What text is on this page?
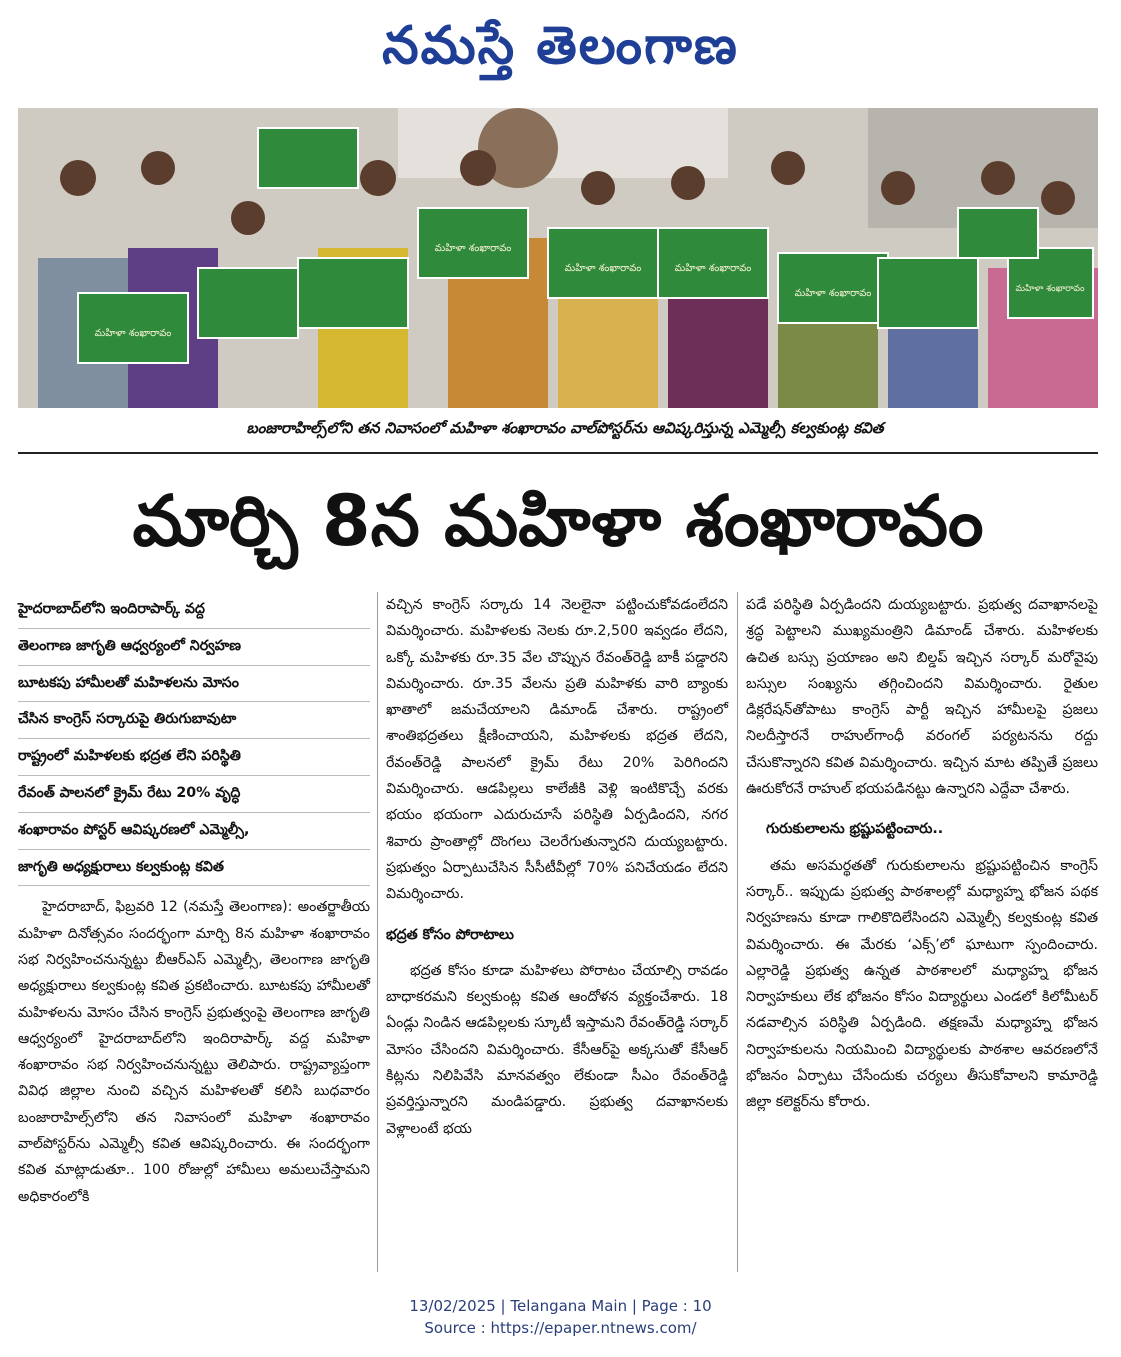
నమస్తే తెలంగాణ
మహిళా శంఖారావం
మహిళా శంఖారావం
మహిళా శంఖారావం	మహిళా శంఖారావం
మహిళా శంఖారావం	మహిళా శంఖారావం
బంజారాహిల్స్‌లోని తన నివాసంలో మహిళా శంఖారావం వాల్‌పోస్టర్‌ను ఆవిష్కరిస్తున్న ఎమ్మెల్సీ కల్వకుంట్ల కవిత
మార్చి 8న మహిళా శంఖారావం

హైదరాబాద్‌లోని ఇందిరాపార్క్ వద్ద

తెలంగాణ జాగృతి ఆధ్వర్యంలో నిర్వహణ

బూటకపు హామీలతో మహిళలను మోసం

చేసిన కాంగ్రెస్ సర్కారుపై తిరుగుబావుటా

రాష్ట్రంలో మహిళలకు భద్రత లేని పరిస్థితి

రేవంత్ పాలనలో క్రైమ్ రేటు 20% వృద్ధి

శంఖారావం పోస్టర్ ఆవిష్కరణలో ఎమ్మెల్సీ,

జాగృతి అధ్యక్షురాలు కల్వకుంట్ల కవిత

హైదరాబాద్, ఫిబ్రవరి 12 (నమస్తే తెలంగాణ): అంతర్జాతీయ మహిళా దినోత్సవం సందర్భంగా మార్చి 8న మహిళా శంఖారావం సభ నిర్వహించనున్నట్టు బీఆర్‌ఎస్ ఎమ్మెల్సీ, తెలంగాణ జాగృతి అధ్యక్షురాలు కల్వకుంట్ల కవిత ప్రకటించారు. బూటకపు హామీలతో మహిళలను మోసం చేసిన కాంగ్రెస్ ప్రభుత్వంపై తెలంగాణ జాగృతి ఆధ్వర్యంలో హైదరాబాద్‌లోని ఇందిరాపార్క్ వద్ద మహిళా శంఖారావం సభ నిర్వహించనున్నట్టు తెలిపారు. రాష్ట్రవ్యాప్తంగా వివిధ జిల్లాల నుంచి వచ్చిన మహిళలతో కలిసి బుధవారం బంజారాహిల్స్‌లోని తన నివాసంలో మహిళా శంఖారావం వాల్‌పోస్టర్‌ను ఎమ్మెల్సీ కవిత ఆవిష్కరించారు. ఈ సందర్భంగా కవిత మాట్లాడుతూ.. 100 రోజుల్లో హామీలు అమలుచేస్తామని అధికారంలోకి

వచ్చిన కాంగ్రెస్ సర్కారు 14 నెలలైనా పట్టించుకోవడంలేదని విమర్శించారు. మహిళలకు నెలకు రూ.2,500 ఇవ్వడం లేదని, ఒక్కో మహిళకు రూ.35 వేల చొప్పున రేవంత్‌రెడ్డి బాకీ పడ్డారని విమర్శించారు. రూ.35 వేలను ప్రతి మహిళకు వారి బ్యాంకు ఖాతాలో జమచేయాలని డిమాండ్ చేశారు. రాష్ట్రంలో శాంతిభద్రతలు క్షీణించాయని, మహిళలకు భద్రత లేదని, రేవంత్‌రెడ్డి పాలనలో క్రైమ్ రేటు 20% పెరిగిందని విమర్శించారు. ఆడపిల్లలు కాలేజీకి వెళ్లి ఇంటికొచ్చే వరకు భయం భయంగా ఎదురుచూసే పరిస్థితి ఏర్పడిందని, నగర శివారు ప్రాంతాల్లో దొంగలు చెలరేగుతున్నారని దుయ్యబట్టారు. ప్రభుత్వం ఏర్పాటుచేసిన సీసీటీవీల్లో 70% పనిచేయడం లేదని విమర్శించారు.

భద్రత కోసం పోరాటాలు

భద్రత కోసం కూడా మహిళలు పోరాటం చేయాల్సి రావడం బాధాకరమని కల్వకుంట్ల కవిత ఆందోళన వ్యక్తంచేశారు. 18 ఏండ్లు నిండిన ఆడపిల్లలకు స్కూటీ ఇస్తామని రేవంత్‌రెడ్డి సర్కార్ మోసం చేసిందని విమర్శించారు. కేసీఆర్‌పై అక్కసుతో కేసీఆర్ కిట్లను నిలిపివేసి మానవత్వం లేకుండా సీఎం రేవంత్‌రెడ్డి ప్రవర్తిస్తున్నారని మండిపడ్డారు. ప్రభుత్వ దవాఖానలకు వెళ్లాలంటే భయ

పడే పరిస్థితి ఏర్పడిందని దుయ్యబట్టారు. ప్రభుత్వ దవాఖానలపై శ్రద్ధ పెట్టాలని ముఖ్యమంత్రిని డిమాండ్ చేశారు. మహిళలకు ఉచిత బస్సు ప్రయాణం అని బిల్డప్ ఇచ్చిన సర్కార్ మరోవైపు బస్సుల సంఖ్యను తగ్గించిందని విమర్శించారు. రైతుల డిక్లరేషన్‌తోపాటు కాంగ్రెస్ పార్టీ ఇచ్చిన హామీలపై ప్రజలు నిలదీస్తారనే రాహుల్‌గాంధీ వరంగల్ పర్యటనను రద్దు చేసుకొన్నారని కవిత విమర్శించారు. ఇచ్చిన మాట తప్పితే ప్రజలు ఊరుకోరనే రాహుల్ భయపడినట్టు ఉన్నారని ఎద్దేవా చేశారు.

గురుకులాలను భ్రష్టుపట్టించారు..

తమ అసమర్థతతో గురుకులాలను భ్రష్టుపట్టించిన కాంగ్రెస్ సర్కార్.. ఇప్పుడు ప్రభుత్వ పాఠశాలల్లో మధ్యాహ్న భోజన పథక నిర్వహణను కూడా గాలికొదిలేసిందని ఎమ్మెల్సీ కల్వకుంట్ల కవిత విమర్శించారు. ఈ మేరకు ‘ఎక్స్’లో ఘాటుగా స్పందించారు. ఎల్లారెడ్డి ప్రభుత్వ ఉన్నత పాఠశాలలో మధ్యాహ్న భోజన నిర్వాహకులు లేక భోజనం కోసం విద్యార్థులు ఎండలో కిలోమీటర్ నడవాల్సిన పరిస్థితి ఏర్పడింది. తక్షణమే మధ్యాహ్న భోజన నిర్వాహకులను నియమించి విద్యార్థులకు పాఠశాల ఆవరణలోనే భోజనం ఏర్పాటు చేసేందుకు చర్యలు తీసుకోవాలని కామారెడ్డి జిల్లా కలెక్టర్‌ను కోరారు.

13/02/2025 | Telangana Main | Page : 10
Source : https://epaper.ntnews.com/
